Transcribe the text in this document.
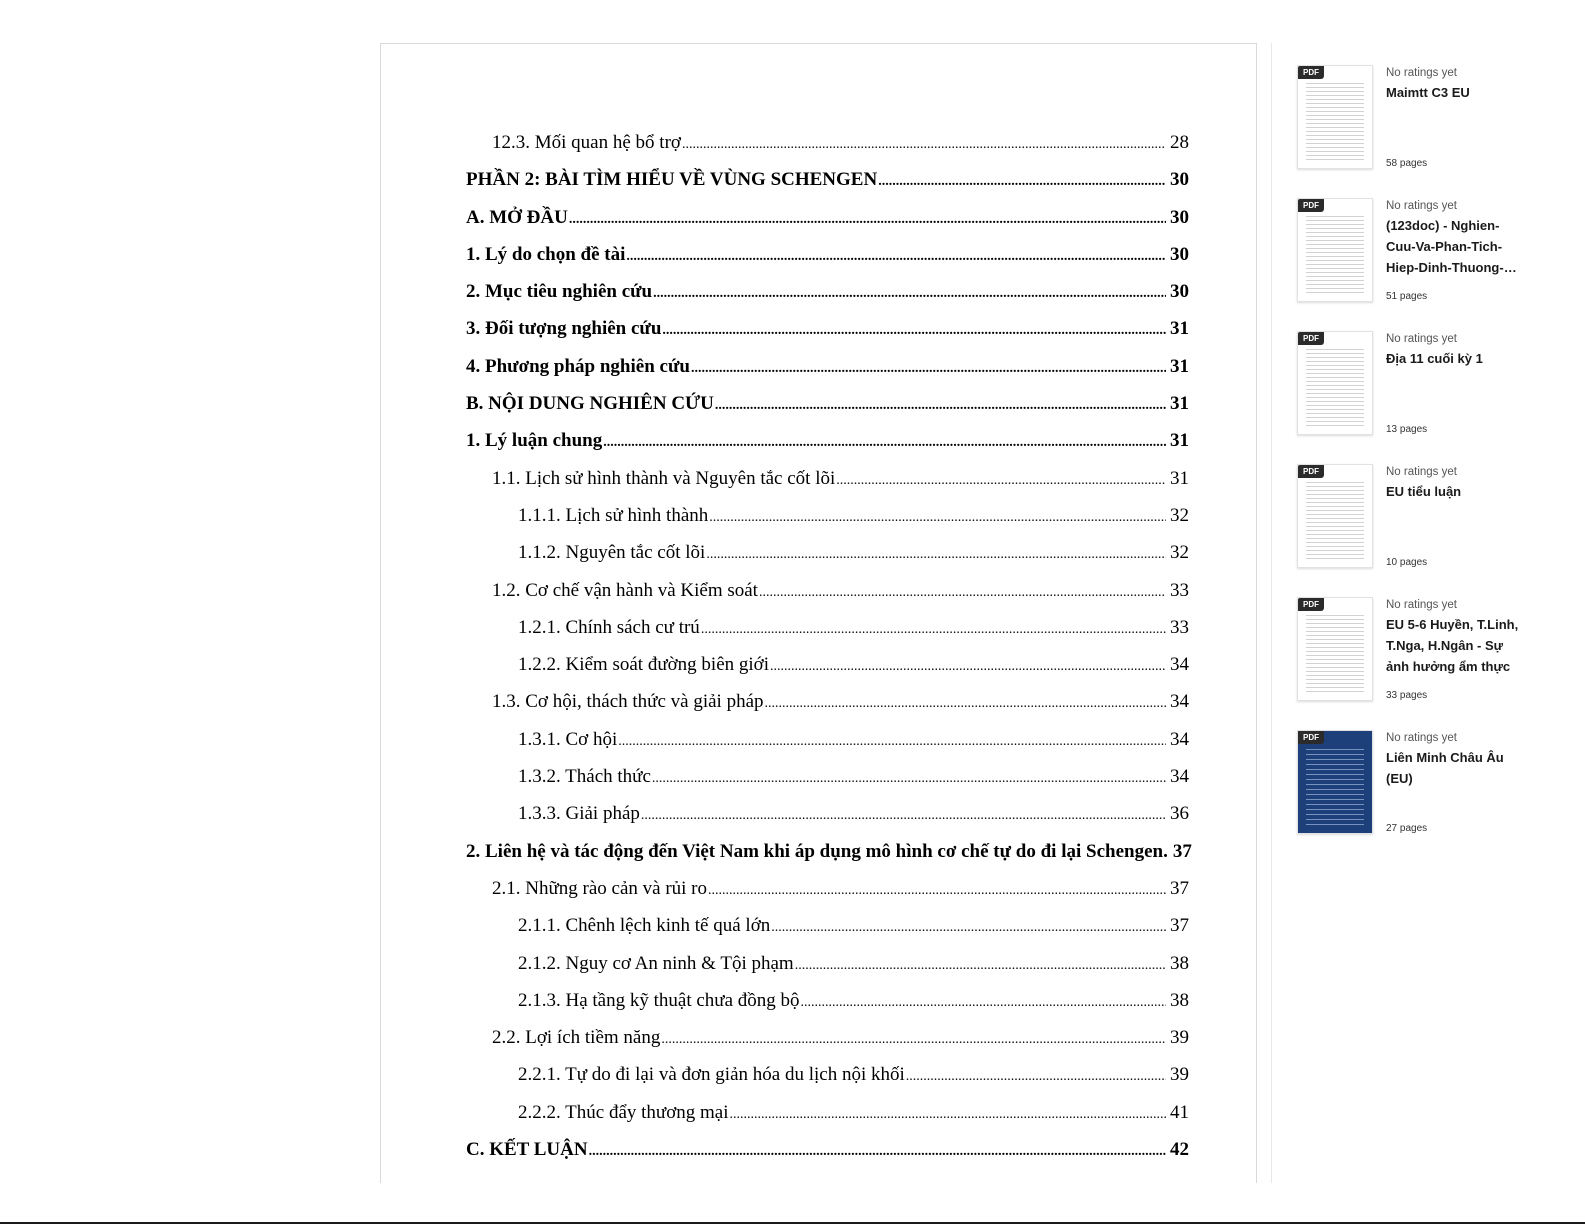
12.3. Mối quan hệ bổ trợ .....	28
PHẦN 2: BÀI TÌM HIỂU VỀ VÙNG SCHENGEN .....	30
A. MỞ ĐẦU .....	30
1. Lý do chọn đề tài .....	30
2. Mục tiêu nghiên cứu .....	30
3. Đối tượng nghiên cứu .....	31
4. Phương pháp nghiên cứu .....	31
B. NỘI DUNG NGHIÊN CỨU .....	31
1. Lý luận chung .....	31
1.1. Lịch sử hình thành và Nguyên tắc cốt lõi .....	31
1.1.1. Lịch sử hình thành .....	32
1.1.2. Nguyên tắc cốt lõi .....	32
1.2. Cơ chế vận hành và Kiểm soát .....	33
1.2.1. Chính sách cư trú .....	33
1.2.2. Kiểm soát đường biên giới .....	34
1.3. Cơ hội, thách thức và giải pháp .....	34
1.3.1. Cơ hội .....	34
1.3.2. Thách thức .....	34
1.3.3. Giải pháp .....	36
2. Liên hệ và tác động đến Việt Nam khi áp dụng mô hình cơ chế tự do đi lại Schengen. 37
2.1. Những rào cản và rủi ro .....	37
2.1.1. Chênh lệch kinh tế quá lớn .....	37
2.1.2. Nguy cơ An ninh & Tội phạm .....	38
2.1.3. Hạ tầng kỹ thuật chưa đồng bộ .....	38
2.2. Lợi ích tiềm năng .....	39
2.2.1. Tự do đi lại và đơn giản hóa du lịch nội khối .....	39
2.2.2. Thúc đẩy thương mại .....	41
C. KẾT LUẬN .....	42
PDF	No ratings yet
Maimtt C3 EU
58 pages
PDF	No ratings yet
(123doc) - Nghien-Cuu-Va-Phan-Tich-Hiep-Dinh-Thuong-
51 pages
PDF	No ratings yet
Địa 11 cuối kỳ 1
13 pages
PDF	No ratings yet
EU tiểu luận
10 pages
PDF	No ratings yet
EU 5-6 Huyền, T.Linh, T.Nga, H.Ngân - Sự ảnh hưởng ẩm thực
33 pages
PDF	No ratings yet
Liên Minh Châu Âu (EU)
27 pages
